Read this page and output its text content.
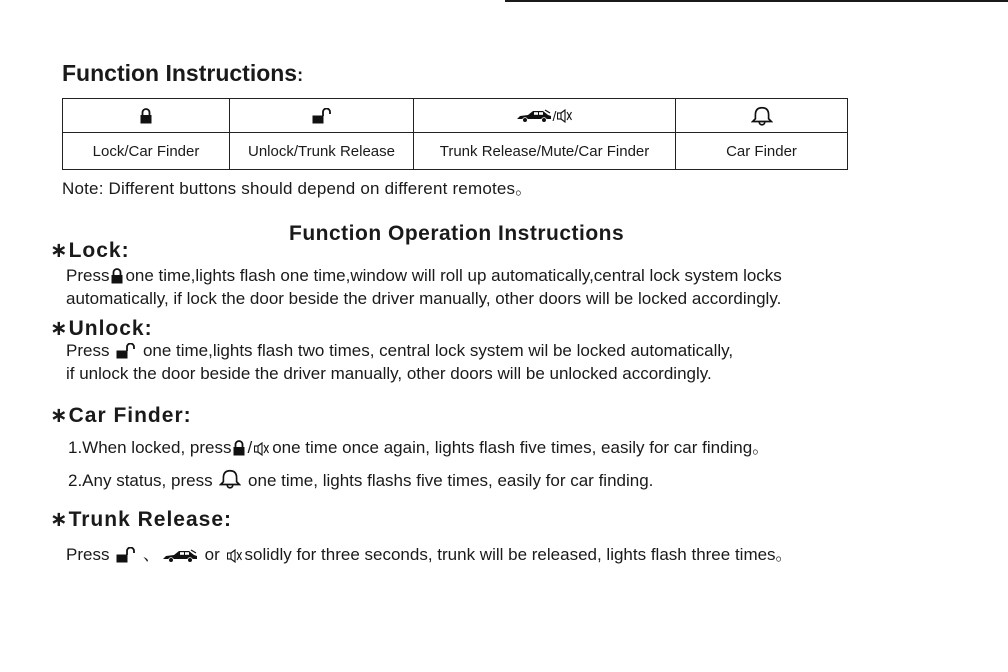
Function Instructions:
/
Lock/Car Finder	Unlock/Trunk Release	Trunk Release/Mute/Car Finder	Car Finder
Note: Different buttons should depend on different remotes。
Function Operation Instructions
∗Lock:
Press one time,lights flash one time,window will roll up automatically,central lock system locks
automatically, if lock the door beside the driver manually, other doors will be locked accordingly.
∗Unlock:
Press one time,lights flash two times, central lock system wil be locked automatically,
if unlock the door beside the driver manually, other doors will be unlocked accordingly.
∗Car Finder:
1.When locked, press / one time once again, lights flash five times, easily for car finding。
2.Any status, press one time, lights flashs five times, easily for car finding.
∗Trunk Release:
Press 、	or solidly for three seconds, trunk will be released, lights flash three times。
